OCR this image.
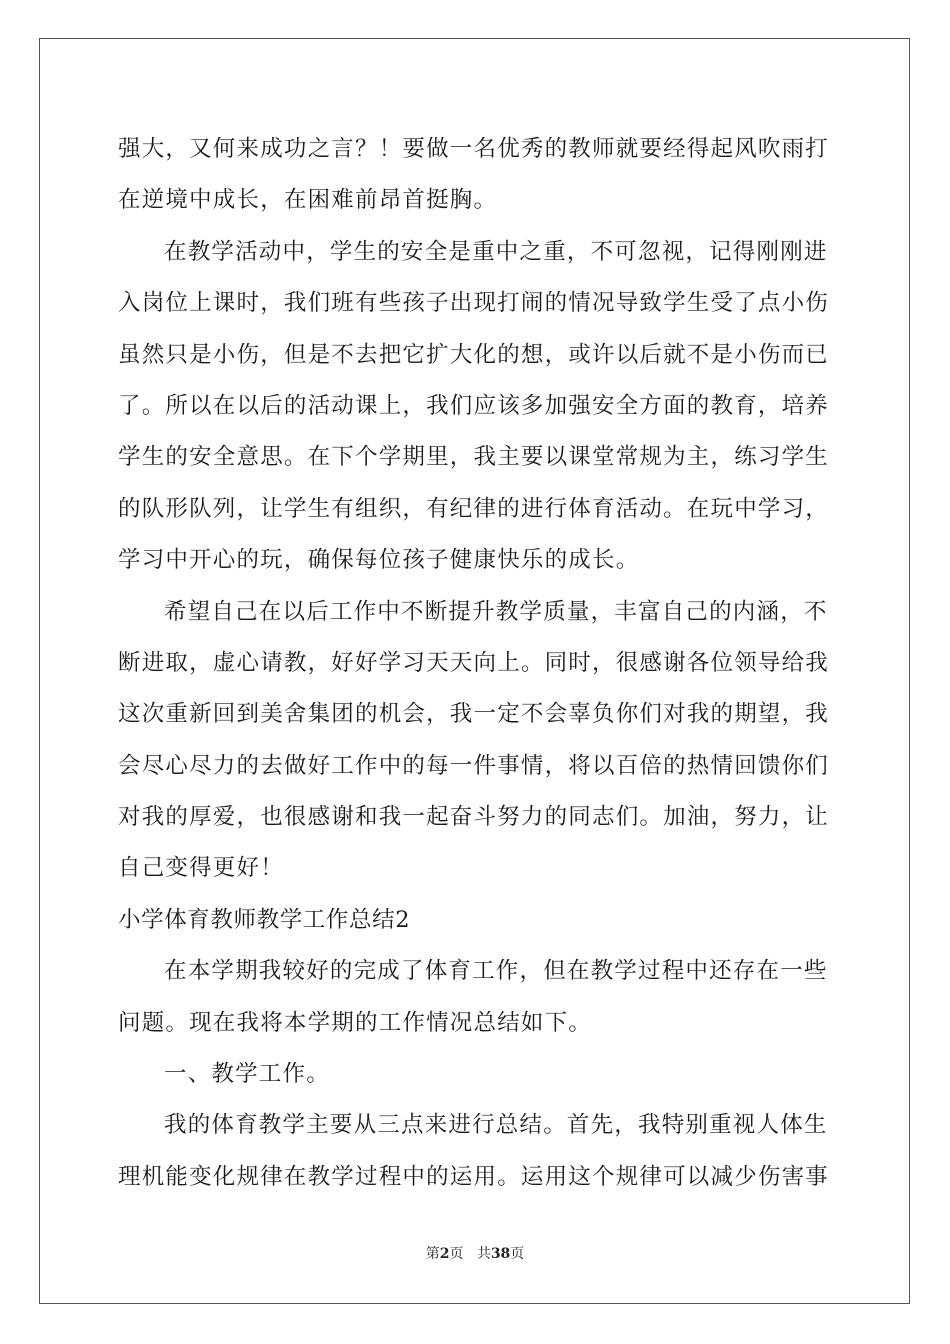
强大，又何来成功之言？！要做一名优秀的教师就要经得起风吹雨打
在逆境中成长，在困难前昂首挺胸。
在教学活动中，学生的安全是重中之重，不可忽视，记得刚刚进
入岗位上课时，我们班有些孩子出现打闹的情况导致学生受了点小伤
虽然只是小伤，但是不去把它扩大化的想，或许以后就不是小伤而已
了。所以在以后的活动课上，我们应该多加强安全方面的教育，培养
学生的安全意思。在下个学期里，我主要以课堂常规为主，练习学生
的队形队列，让学生有组织，有纪律的进行体育活动。在玩中学习，
学习中开心的玩，确保每位孩子健康快乐的成长。
希望自己在以后工作中不断提升教学质量，丰富自己的内涵，不
断进取，虚心请教，好好学习天天向上。同时，很感谢各位领导给我
这次重新回到美舍集团的机会，我一定不会辜负你们对我的期望，我
会尽心尽力的去做好工作中的每一件事情，将以百倍的热情回馈你们
对我的厚爱，也很感谢和我一起奋斗努力的同志们。加油，努力，让
自己变得更好！
小学体育教师教学工作总结2
在本学期我较好的完成了体育工作，但在教学过程中还存在一些
问题。现在我将本学期的工作情况总结如下。
一、教学工作。
我的体育教学主要从三点来进行总结。首先，我特别重视人体生
理机能变化规律在教学过程中的运用。运用这个规律可以减少伤害事
第2页 共38页
